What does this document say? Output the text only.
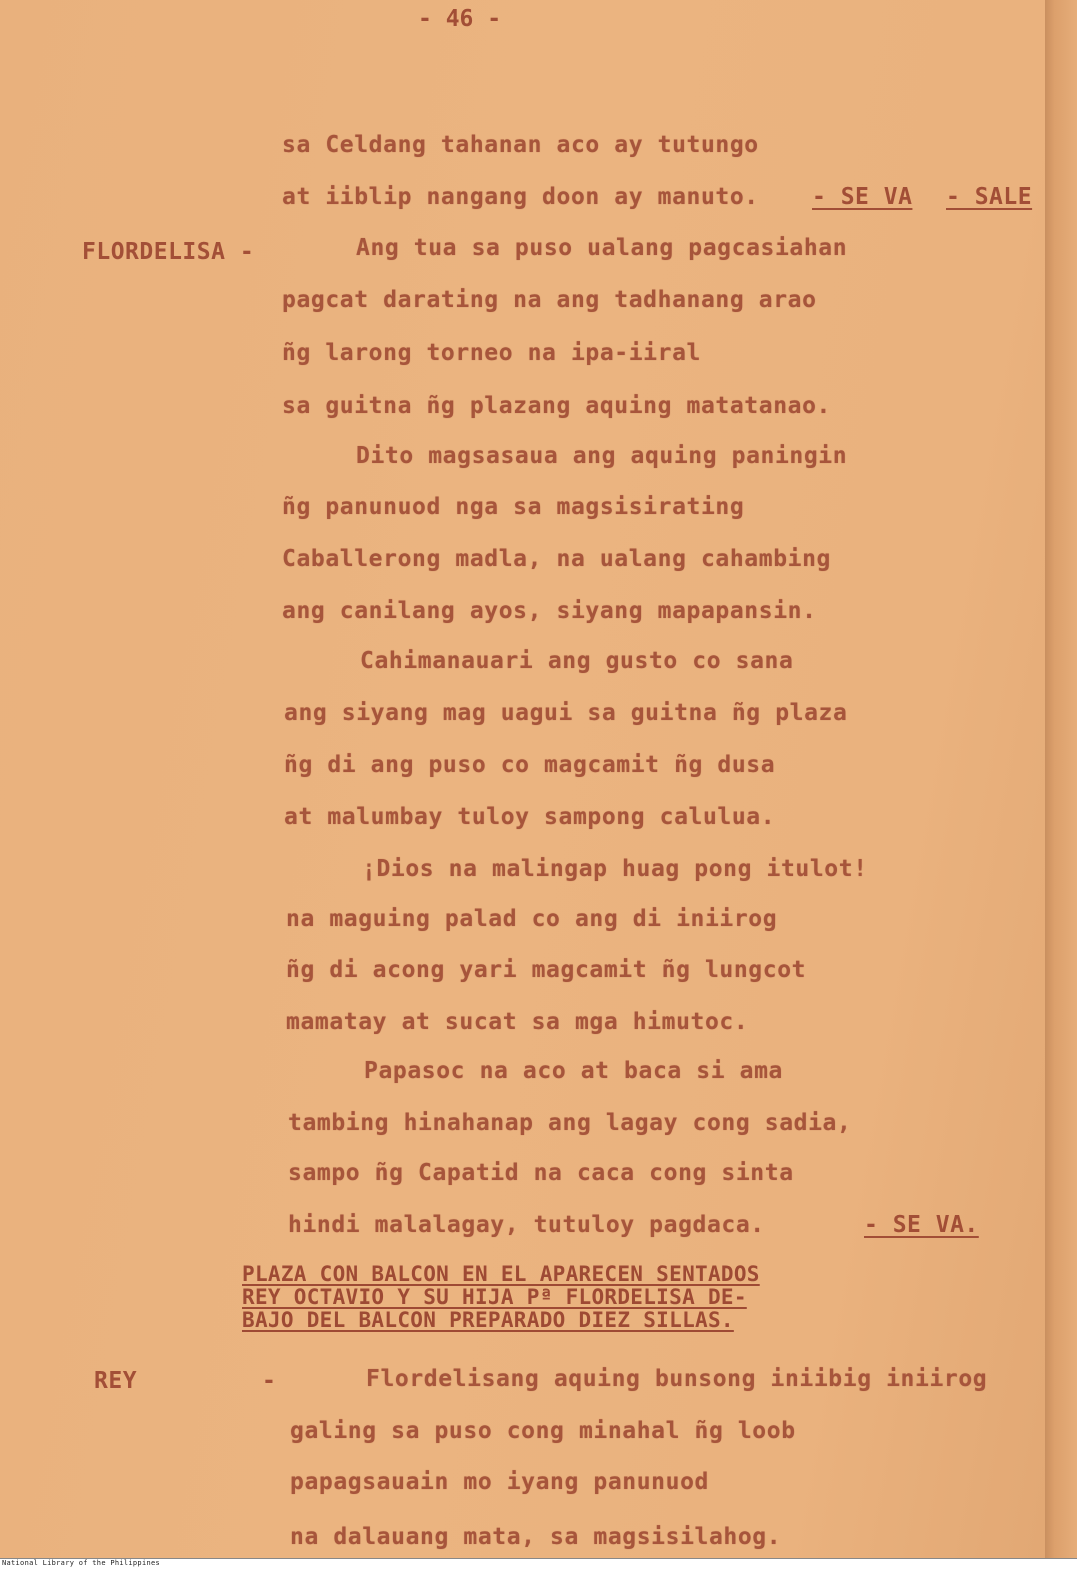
- 46 -
sa Celdang tahanan aco ay tutungo
at iiblip nangang doon ay manuto. - SE VA - SALE
FLORDELISA -	Ang tua sa puso ualang pagcasiahan
pagcat darating na ang tadhanang arao
ñg larong torneo na ipa-iiral
sa guitna ñg plazang aquing matatanao.
Dito magsasaua ang aquing paningin
ñg panunuod nga sa magsisirating
Caballerong madla, na ualang cahambing
ang canilang ayos, siyang mapapansin.
Cahimanauari ang gusto co sana
ang siyang mag uagui sa guitna ñg plaza
ñg di ang puso co magcamit ñg dusa
at malumbay tuloy sampong calulua.
¡Dios na malingap huag pong itulot!
na maguing palad co ang di iniirog
ñg di acong yari magcamit ñg lungcot
mamatay at sucat sa mga himutoc.
Papasoc na aco at baca si ama
tambing hinahanap ang lagay cong sadia,
sampo ñg Capatid na caca cong sinta
hindi malalagay, tutuloy pagdaca.	- SE VA.
PLAZA CON BALCON EN EL APARECEN SENTADOS
REY OCTAVIO Y SU HIJA Pª FLORDELISA DE-
BAJO DEL BALCON PREPARADO DIEZ SILLAS.
REY	-	Flordelisang aquing bunsong iniibig iniirog
galing sa puso cong minahal ñg loob
papagsauain mo iyang panunuod
na dalauang mata, sa magsisilahog.
National Library of the Philippines
